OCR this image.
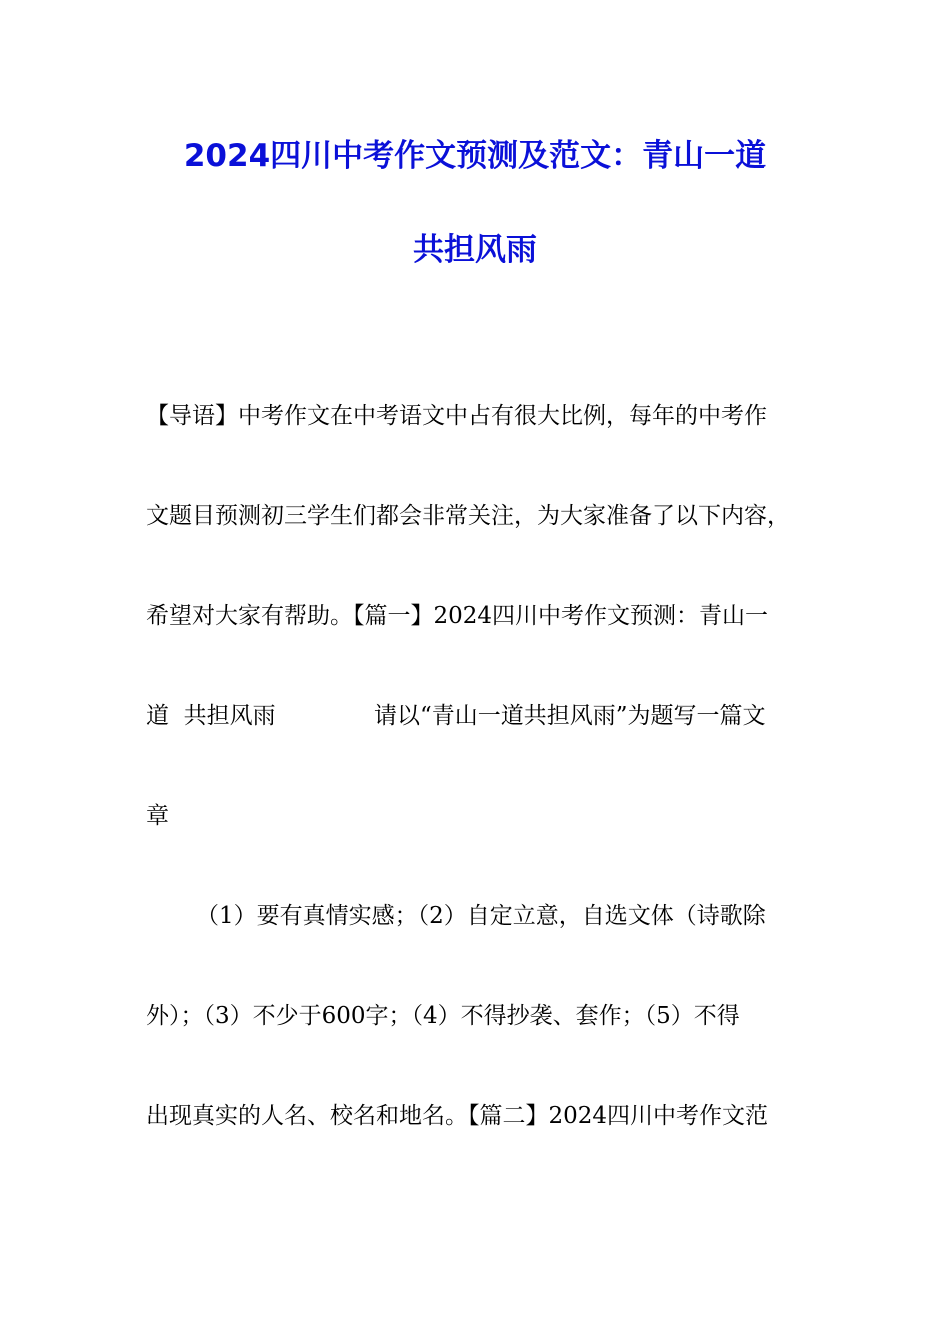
2024四川中考作文预测及范文：青山一道
共担风雨
【导语】中考作文在中考语文中占有很大比例，每年的中考作
文题目预测初三学生们都会非常关注，为大家准备了以下内容，
希望对大家有帮助。【篇一】2024四川中考作文预测：青山一

道  共担风雨

	请以“青山一道共担风雨”为题写一篇文

章
（1）要有真情实感；（2）自定立意，自选文体（诗歌除
外）；（3）不少于600字；（4）不得抄袭、套作；（5）不得
出现真实的人名、校名和地名。【篇二】2024四川中考作文范
